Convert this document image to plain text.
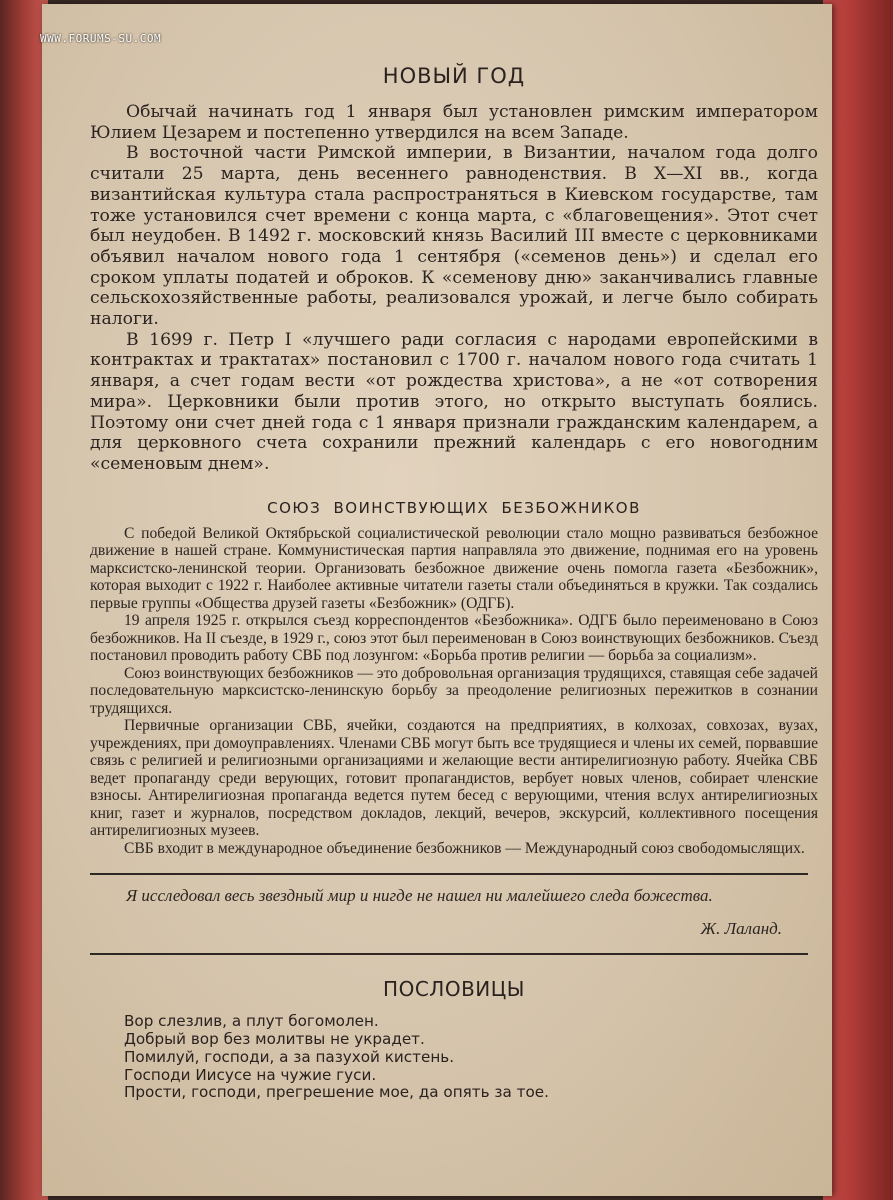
WWW.FORUMS-SU.COM
НОВЫЙ ГОД

Обычай начинать год 1 января был установлен римским императором Юлием Цезарем и постепенно утвердился на всем Западе.

В восточной части Римской империи, в Византии, началом года долго считали 25 марта, день весеннего равноденствия. В X—XI вв., когда византийская культура стала распространяться в Киевском государстве, там тоже установился счет времени с конца марта, с «благовещения». Этот счет был неудобен. В 1492 г. московский князь Василий III вместе с церковниками объявил началом нового года 1 сентября («семенов день») и сделал его сроком уплаты податей и оброков. К «семенову дню» заканчивались главные сельскохозяйственные работы, реализовался урожай, и легче было собирать налоги.

В 1699 г. Петр I «лучшего ради согласия с народами европейскими в контрактах и трактатах» постановил с 1700 г. началом нового года считать 1 января, а счет годам вести «от рождества христова», а не «от сотворения мира». Церковники были против этого, но открыто выступать боялись. Поэтому они счет дней года с 1 января признали гражданским календарем, а для церковного счета сохранили прежний календарь с его новогодним «семеновым днем».

СОЮЗ ВОИНСТВУЮЩИХ БЕЗБОЖНИКОВ

С победой Великой Октябрьской социалистической революции стало мощно развиваться безбожное движение в нашей стране. Коммунистическая партия направляла это движение, поднимая его на уровень марксистско-ленинской теории. Организовать безбожное движение очень помогла газета «Безбожник», которая выходит с 1922 г. Наиболее активные читатели газеты стали объединяться в кружки. Так создались первые группы «Общества друзей газеты «Безбожник» (ОДГБ).

19 апреля 1925 г. открылся съезд корреспондентов «Безбожника». ОДГБ было переименовано в Союз безбожников. На II съезде, в 1929 г., союз этот был переименован в Союз воинствующих безбожников. Съезд постановил проводить работу СВБ под лозунгом: «Борьба против религии — борьба за социализм».

Союз воинствующих безбожников — это добровольная организация трудящихся, ставящая себе задачей последовательную марксистско-ленинскую борьбу за преодоление религиозных пережитков в сознании трудящихся.

Первичные организации СВБ, ячейки, создаются на предприятиях, в колхозах, совхозах, вузах, учреждениях, при домоуправлениях. Членами СВБ могут быть все трудящиеся и члены их семей, порвавшие связь с религией и религиозными организациями и желающие вести антирелигиозную работу. Ячейка СВБ ведет пропаганду среди верующих, готовит пропагандистов, вербует новых членов, собирает членские взносы. Антирелигиозная пропаганда ведется путем бесед с верующими, чтения вслух антирелигиозных книг, газет и журналов, посредством докладов, лекций, вечеров, экскурсий, коллективного посещения антирелигиозных музеев.

СВБ входит в международное объединение безбожников — Международный союз свободомыслящих.

Я исследовал весь звездный мир и нигде не нашел ни малейшего следа божества.
Ж. Лаланд.
ПОСЛОВИЦЫ
Вор слезлив, а плут богомолен.
Добрый вор без молитвы не украдет.
Помилуй, господи, а за пазухой кистень.
Господи Иисусе на чужие гуси.
Прости, господи, прегрешение мое, да опять за тое.
